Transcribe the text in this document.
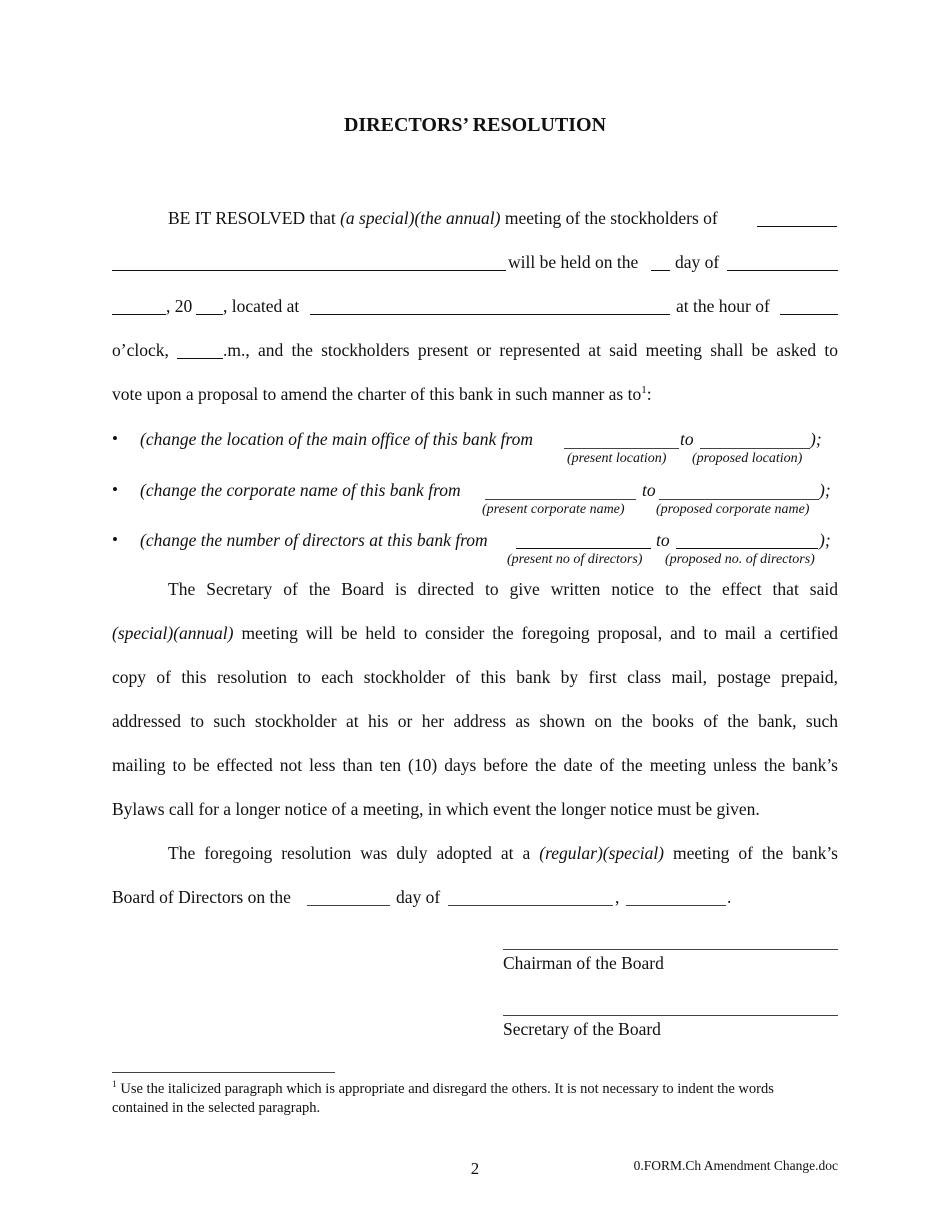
DIRECTORS’ RESOLUTION
BE IT RESOLVED that (a special)(the annual) meeting of the stockholders of
will be held on the day of
, 20 , located at	at the hour of
o’clock,	.m., and the stockholders present or represented at said meeting shall be asked to
vote upon a proposal to amend the charter of this bank in such manner as $to^1$:
• (change the location of the main office of this bank from	to	);
(present location) (proposed location)
• (change the corporate name of this bank from	to	);
(present corporate name) (proposed corporate name)
• (change the number of directors at this bank from	to	);
(present no of directors) (proposed no. of directors)
The Secretary of the Board is directed to give written notice to the effect that said
(special)(annual) meeting will be held to consider the foregoing proposal, and to mail a certified
copy of this resolution to each stockholder of this bank by first class mail, postage prepaid,
addressed to such stockholder at his or her address as shown on the books of the bank, such
mailing to be effected not less than ten (10) days before the date of the meeting unless the bank’s
Bylaws call for a longer notice of a meeting, in which event the longer notice must be given.
The foregoing resolution was duly adopted at a (regular)(special) meeting of the bank’s
Board of Directors on the	day of	,	.
Chairman of the Board
Secretary of the Board
$^1$ Use the italicized paragraph which is appropriate and disregard the others. It is not necessary to indent the words
contained in the selected paragraph.
2	0.FORM.Ch Amendment Change.doc
